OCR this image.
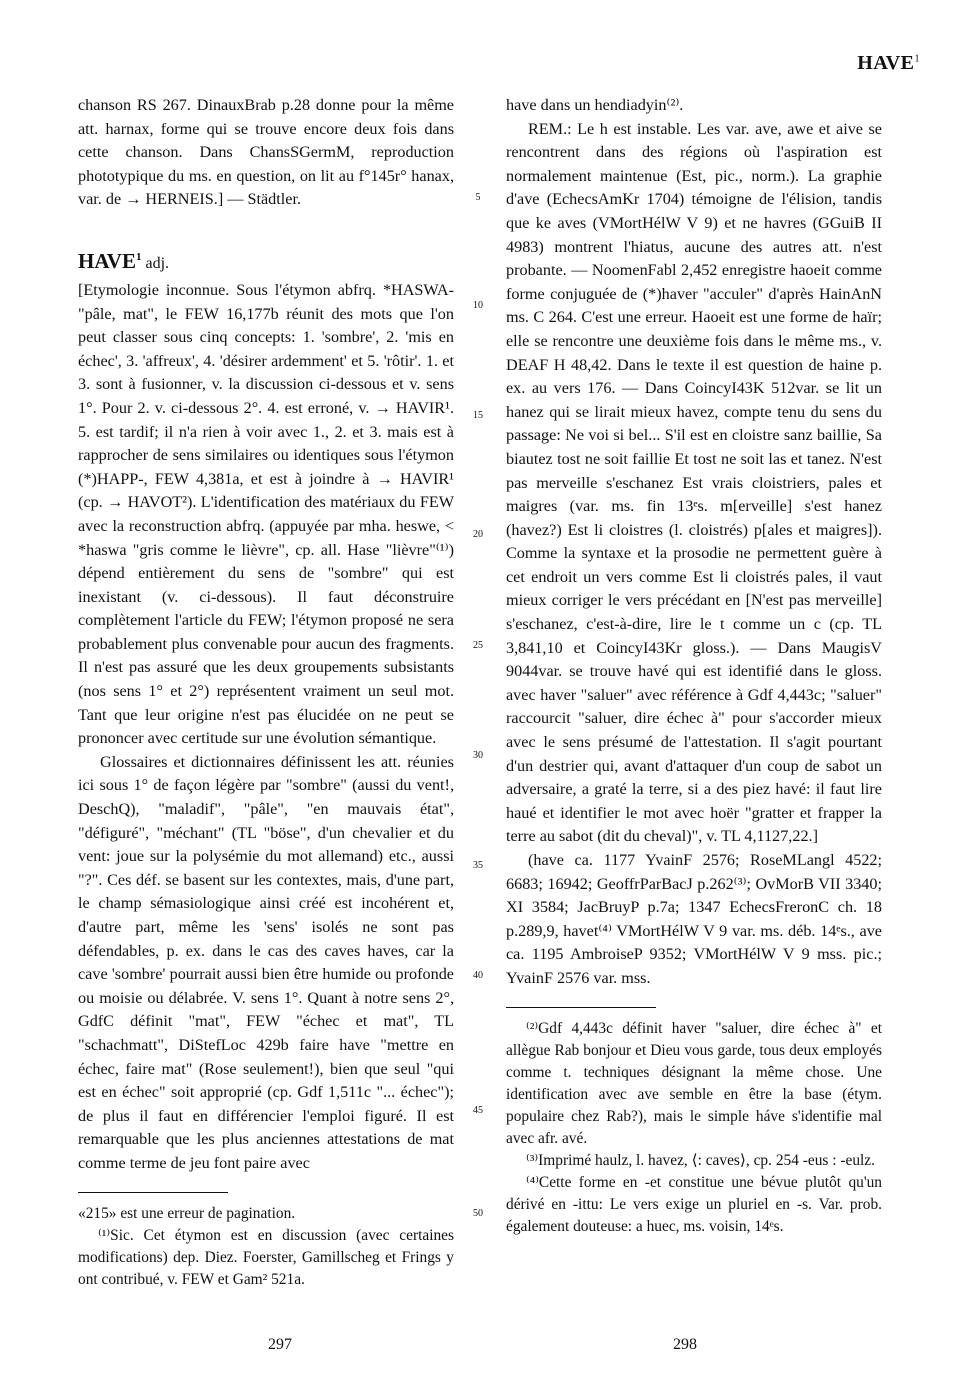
HAVE$^1$

chanson RS 267. DinauxBrab p.28 donne pour la même att. harnax, forme qui se trouve encore deux fois dans cette chanson. Dans ChansSGermM, reproduction phototypique du ms. en question, on lit au f°145r° hanax, var. de → HERNEIS.] — Städtler.

HAVE$^1$ adj.

[Etymologie inconnue. Sous l'étymon abfrq. *HASWA- "pâle, mat", le FEW 16,177b réunit des mots que l'on peut classer sous cinq concepts: 1. 'sombre', 2. 'mis en échec', 3. 'affreux', 4. 'désirer ardemment' et 5. 'rôtir'. 1. et 3. sont à fusionner, v. la discussion ci-dessous et v. sens 1°. Pour 2. v. ci-dessous 2°. 4. est erroné, v. → HAVIR¹. 5. est tardif; il n'a rien à voir avec 1., 2. et 3. mais est à rapprocher de sens similaires ou identiques sous l'étymon (*)HAPP-, FEW 4,381a, et est à joindre à → HAVIR¹ (cp. → HAVOT²). L'identification des matériaux du FEW avec la reconstruction abfrq. (appuyée par mha. heswe, < *haswa "gris comme le lièvre", cp. all. Hase "lièvre"⁽¹⁾) dépend entièrement du sens de "sombre" qui est inexistant (v. ci-dessous). Il faut déconstruire complètement l'article du FEW; l'étymon proposé ne sera probablement plus convenable pour aucun des fragments. Il n'est pas assuré que les deux groupements subsistants (nos sens 1° et 2°) représentent vraiment un seul mot. Tant que leur origine n'est pas élucidée on ne peut se prononcer avec certitude sur une évolution sémantique.

Glossaires et dictionnaires définissent les att. réunies ici sous 1° de façon légère par "sombre" (aussi du vent!, DeschQ), "maladif", "pâle", "en mauvais état", "défiguré", "méchant" (TL "böse", d'un chevalier et du vent: joue sur la polysémie du mot allemand) etc., aussi "?". Ces déf. se basent sur les contextes, mais, d'une part, le champ sémasiologique ainsi créé est incohérent et, d'autre part, même les 'sens' isolés ne sont pas défendables, p. ex. dans le cas des caves haves, car la cave 'sombre' pourrait aussi bien être humide ou profonde ou moisie ou délabrée. V. sens 1°. Quant à notre sens 2°, GdfC définit "mat", FEW "échec et mat", TL "schachmatt", DiStefLoc 429b faire have "mettre en échec, faire mat" (Rose seulement!), bien que seul "qui est en échec" soit approprié (cp. Gdf 1,511c "... échec"); de plus il faut en différencier l'emploi figuré. Il est remarquable que les plus anciennes attestations de mat comme terme de jeu font paire avec

«215» est une erreur de pagination.

⁽¹⁾Sic. Cet étymon est en discussion (avec certaines modifications) dep. Diez. Foerster, Gamillscheg et Frings y ont contribué, v. FEW et Gam² 521a.

5
10
15
20
25
30
35
40
45
50

have dans un hendiadyin⁽²⁾.

REM.: Le h est instable. Les var. ave, awe et aive se rencontrent dans des régions où l'aspiration est normalement maintenue (Est, pic., norm.). La graphie d'ave (EchecsAmKr 1704) témoigne de l'élision, tandis que ke aves (VMortHélW V 9) et ne havres (GGuiB II 4983) montrent l'hiatus, aucune des autres att. n'est probante. — NoomenFabl 2,452 enregistre haoeit comme forme conjuguée de (*)haver "acculer" d'après HainAnN ms. C 264. C'est une erreur. Haoeit est une forme de haïr; elle se rencontre une deuxième fois dans le même ms., v. DEAF H 48,42. Dans le texte il est question de haine p. ex. au vers 176. — Dans CoincyI43K 512var. se lit un hanez qui se lirait mieux havez, compte tenu du sens du passage: Ne voi si bel... S'il est en cloistre sanz baillie, Sa biautez tost ne soit faillie Et tost ne soit las et tanez. N'est pas merveille s'eschanez Est vrais cloistriers, pales et maigres (var. ms. fin 13ᵉs. m[erveille] s'est hanez (havez?) Est li cloistres (l. cloistrés) p[ales et maigres]). Comme la syntaxe et la prosodie ne permettent guère à cet endroit un vers comme Est li cloistrés pales, il vaut mieux corriger le vers précédant en [N'est pas merveille] s'eschanez, c'est-à-dire, lire le t comme un c (cp. TL 3,841,10 et CoincyI43Kr gloss.). — Dans MaugisV 9044var. se trouve havé qui est identifié dans le gloss. avec haver "saluer" avec référence à Gdf 4,443c; "saluer" raccourcit "saluer, dire échec à" pour s'accorder mieux avec le sens présumé de l'attestation. Il s'agit pourtant d'un destrier qui, avant d'attaquer d'un coup de sabot un adversaire, a graté la terre, si a des piez havé: il faut lire haué et identifier le mot avec hoër "gratter et frapper la terre au sabot (dit du cheval)", v. TL 4,1127,22.]

(have ca. 1177 YvainF 2576; RoseMLangl 4522; 6683; 16942; GeoffrParBacJ p.262⁽³⁾; OvMorB VII 3340; XI 3584; JacBruyP p.7a; 1347 EchecsFreronC ch. 18 p.289,9, havet⁽⁴⁾ VMortHélW V 9 var. ms. déb. 14ᵉs., ave ca. 1195 AmbroiseP 9352; VMortHélW V 9 mss. pic.; YvainF 2576 var. mss.

⁽²⁾Gdf 4,443c définit haver "saluer, dire échec à" et allègue Rab bonjour et Dieu vous garde, tous deux employés comme t. techniques désignant la même chose. Une identification avec ave semble en être la base (étym. populaire chez Rab?), mais le simple háve s'identifie mal avec afr. avé.

⁽³⁾Imprimé haulz, l. havez, ⟨: caves⟩, cp. 254 -eus : -eulz.

⁽⁴⁾Cette forme en -et constitue une bévue plutôt qu'un dérivé en -ittu: Le vers exige un pluriel en -s. Var. prob. également douteuse: a huec, ms. voisin, 14ᵉs.

297	298
